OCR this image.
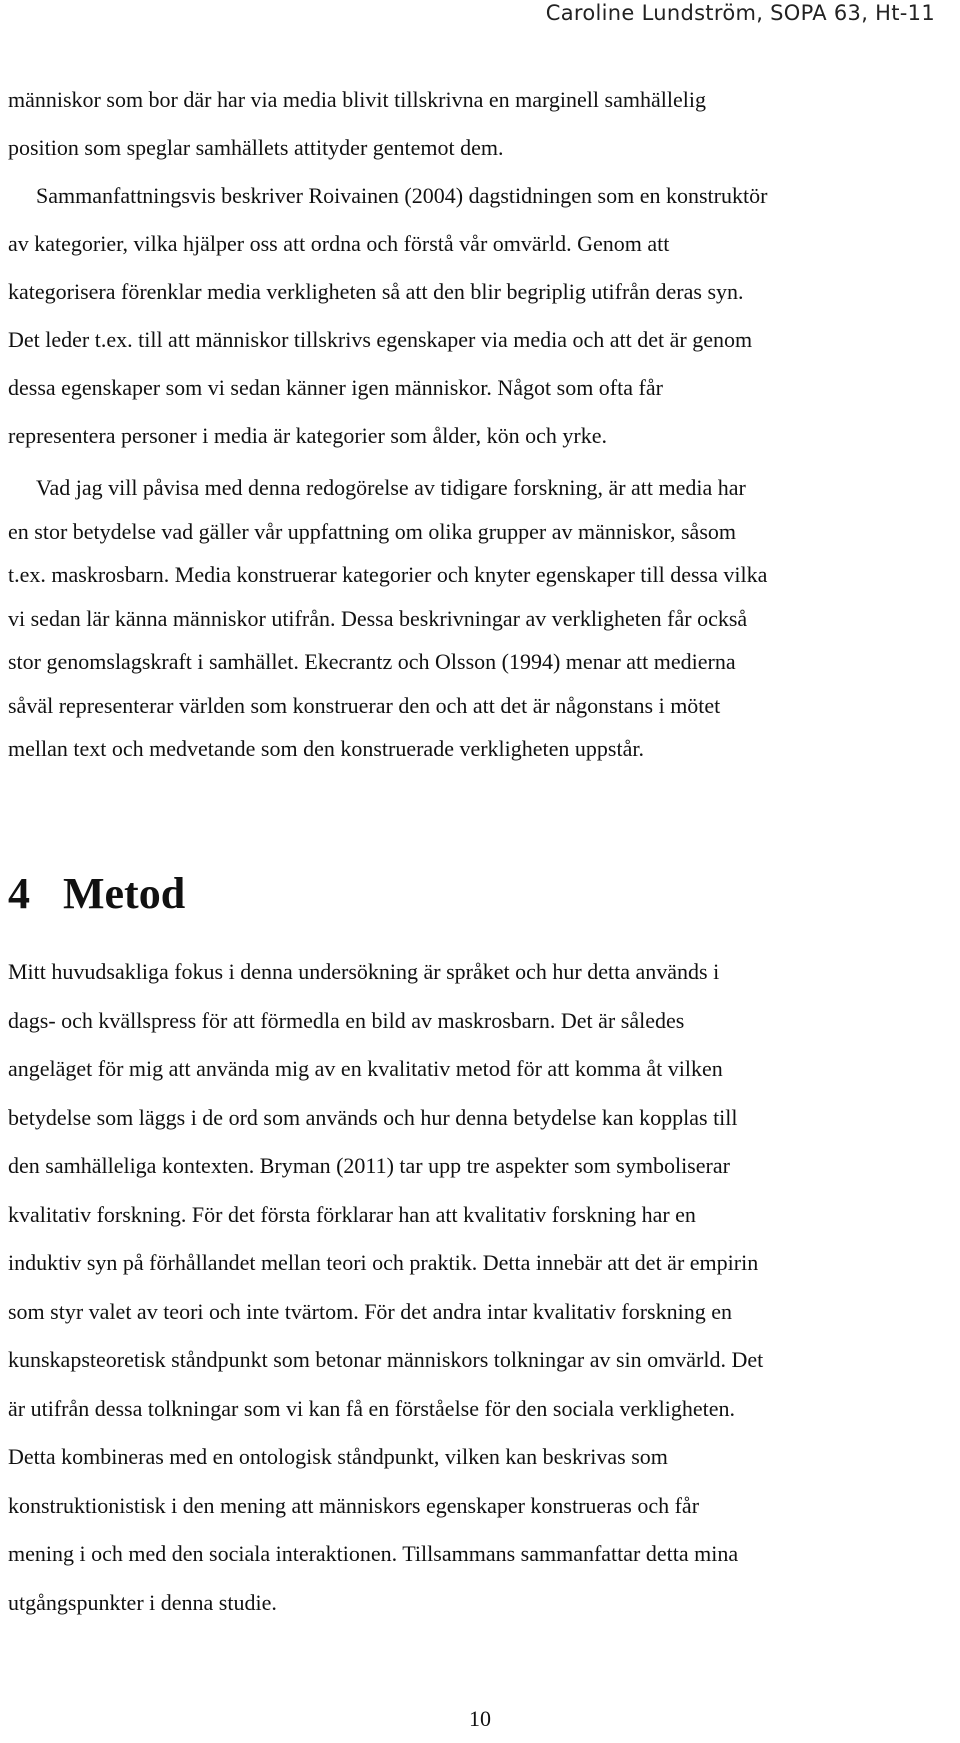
Caroline Lundström, SOPA 63, Ht-11
människor som bor där har via media blivit tillskrivna en marginell samhällelig
position som speglar samhällets attityder gentemot dem.
Sammanfattningsvis beskriver Roivainen (2004) dagstidningen som en konstruktör
av kategorier, vilka hjälper oss att ordna och förstå vår omvärld. Genom att
kategorisera förenklar media verkligheten så att den blir begriplig utifrån deras syn.
Det leder t.ex. till att människor tillskrivs egenskaper via media och att det är genom
dessa egenskaper som vi sedan känner igen människor. Något som ofta får
representera personer i media är kategorier som ålder, kön och yrke.
Vad jag vill påvisa med denna redogörelse av tidigare forskning, är att media har
en stor betydelse vad gäller vår uppfattning om olika grupper av människor, såsom
t.ex. maskrosbarn. Media konstruerar kategorier och knyter egenskaper till dessa vilka
vi sedan lär känna människor utifrån. Dessa beskrivningar av verkligheten får också
stor genomslagskraft i samhället. Ekecrantz och Olsson (1994) menar att medierna
såväl representerar världen som konstruerar den och att det är någonstans i mötet
mellan text och medvetande som den konstruerade verkligheten uppstår.
4 Metod
Mitt huvudsakliga fokus i denna undersökning är språket och hur detta används i
dags- och kvällspress för att förmedla en bild av maskrosbarn. Det är således
angeläget för mig att använda mig av en kvalitativ metod för att komma åt vilken
betydelse som läggs i de ord som används och hur denna betydelse kan kopplas till
den samhälleliga kontexten. Bryman (2011) tar upp tre aspekter som symboliserar
kvalitativ forskning. För det första förklarar han att kvalitativ forskning har en
induktiv syn på förhållandet mellan teori och praktik. Detta innebär att det är empirin
som styr valet av teori och inte tvärtom. För det andra intar kvalitativ forskning en
kunskapsteoretisk ståndpunkt som betonar människors tolkningar av sin omvärld. Det
är utifrån dessa tolkningar som vi kan få en förståelse för den sociala verkligheten.
Detta kombineras med en ontologisk ståndpunkt, vilken kan beskrivas som
konstruktionistisk i den mening att människors egenskaper konstrueras och får
mening i och med den sociala interaktionen. Tillsammans sammanfattar detta mina
utgångspunkter i denna studie.
10
